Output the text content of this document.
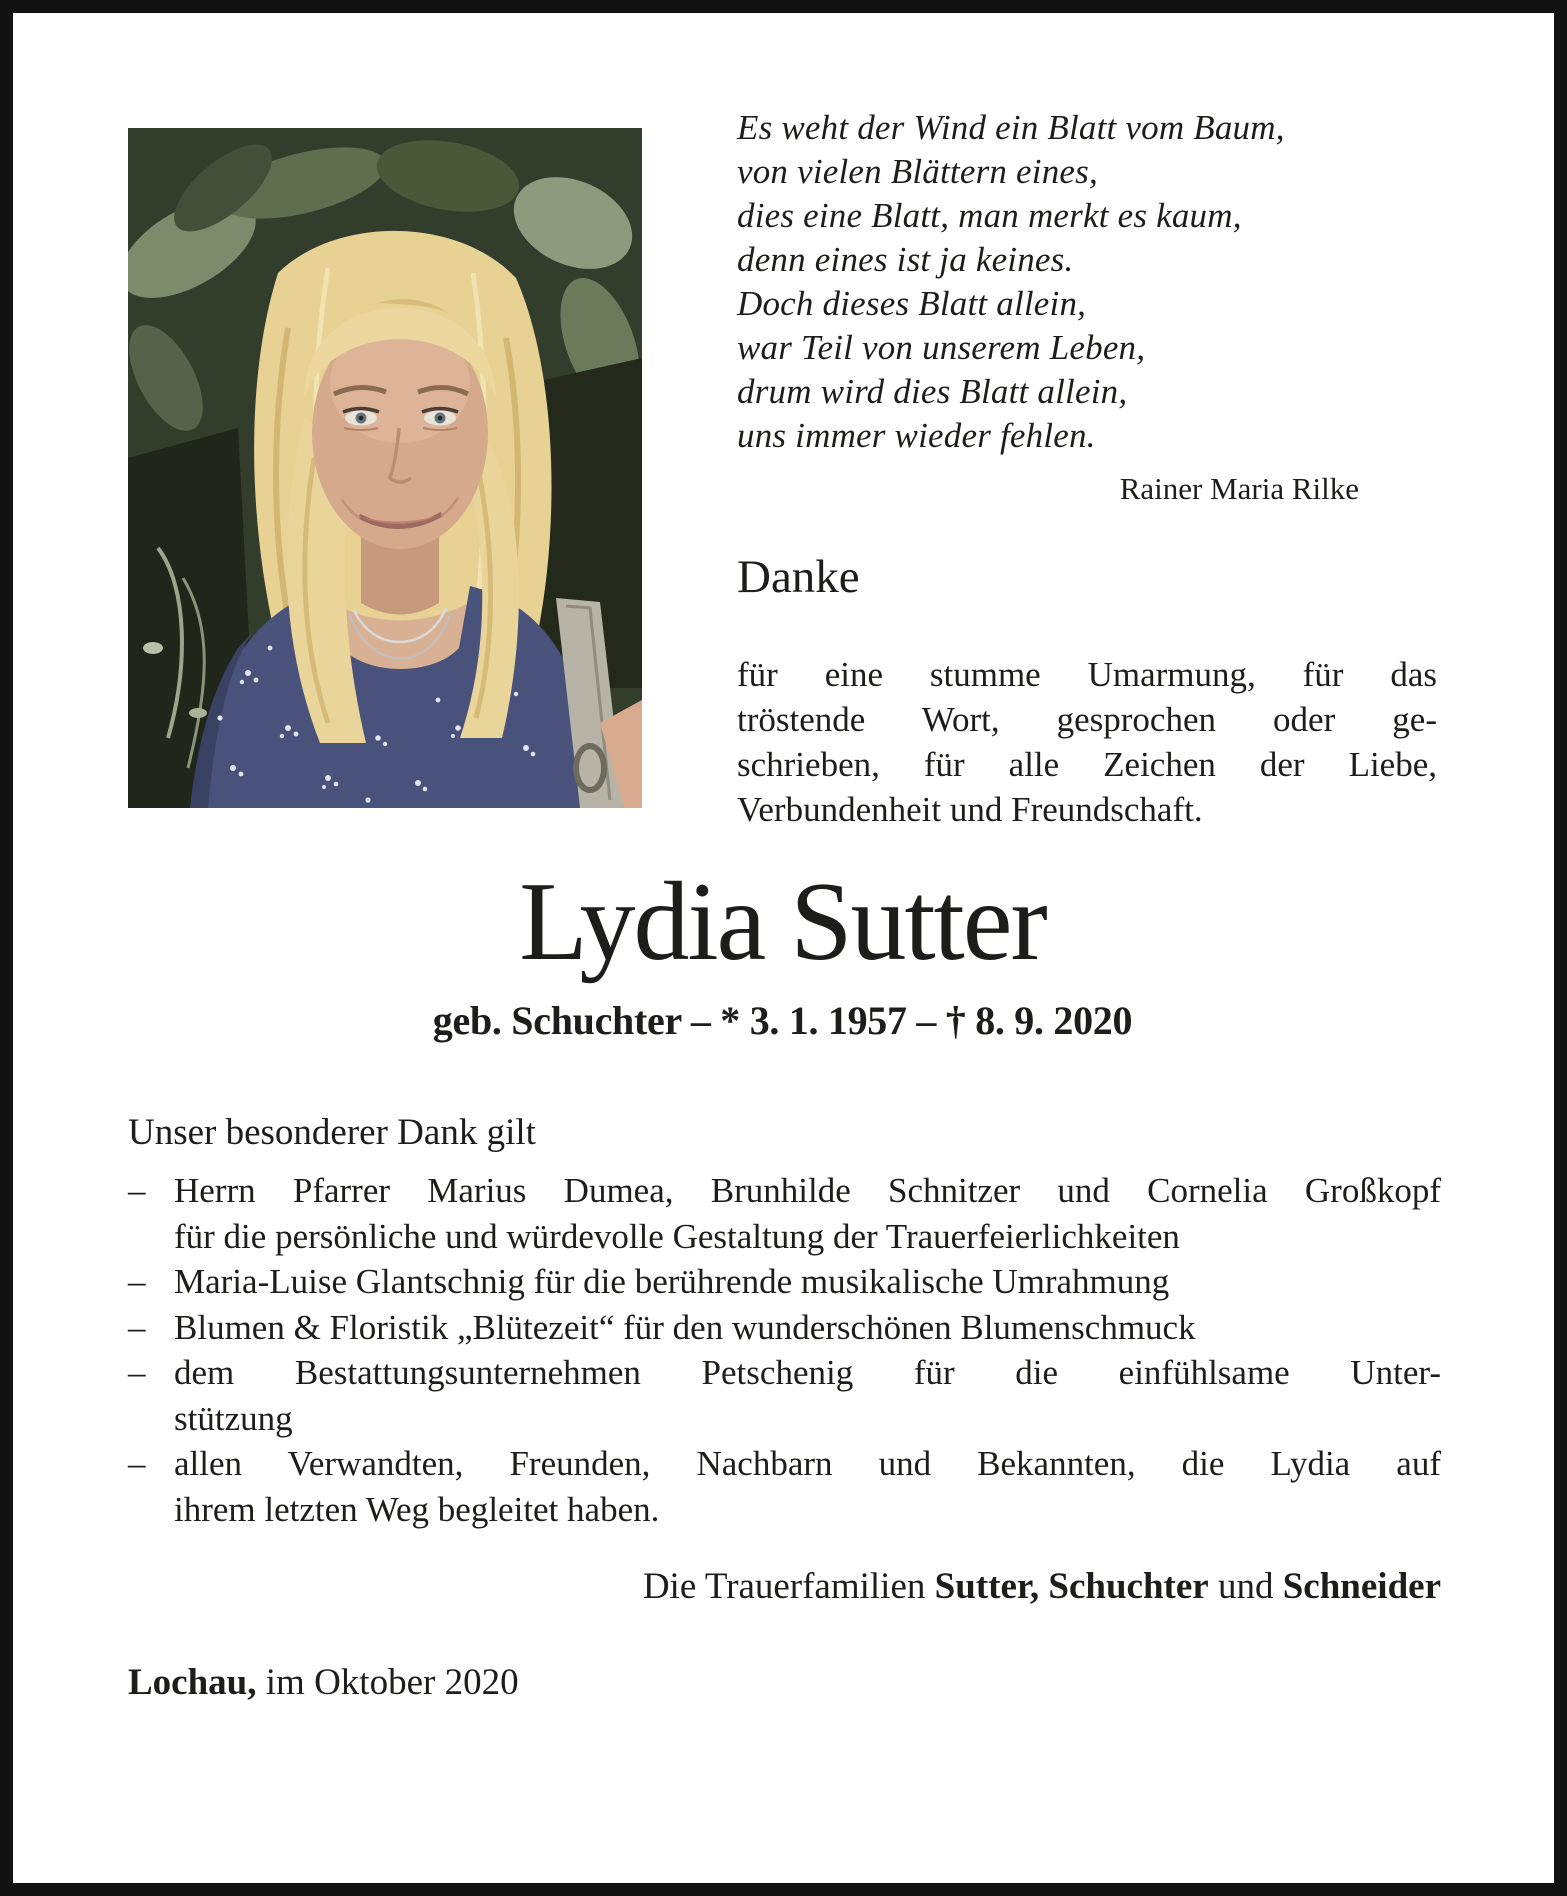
Es weht der Wind ein Blatt vom Baum,
von vielen Blättern eines,
dies eine Blatt, man merkt es kaum,
denn eines ist ja keines.
Doch dieses Blatt allein,
war Teil von unserem Leben,
drum wird dies Blatt allein,
uns immer wieder fehlen.
Rainer Maria Rilke
Danke
für eine stumme Umarmung, für das
tröstende Wort, gesprochen oder ge-
schrieben, für alle Zeichen der Liebe,
Verbundenheit und Freundschaft.
Lydia Sutter
geb. Schuchter – * 3. 1. 1957 – † 8. 9. 2020
Unser besonderer Dank gilt
– Herrn Pfarrer Marius Dumea, Brunhilde Schnitzer und Cornelia Großkopf
für die persönliche und würdevolle Gestaltung der Trauerfeierlichkeiten
– Maria-Luise Glantschnig für die berührende musikalische Umrahmung
– Blumen & Floristik „Blütezeit“ für den wunderschönen Blumenschmuck
– dem Bestattungsunternehmen Petschenig für die einfühlsame Unter-
stützung
– allen Verwandten, Freunden, Nachbarn und Bekannten, die Lydia auf
ihrem letzten Weg begleitet haben.
Die Trauerfamilien Sutter, Schuchter und Schneider
Lochau, im Oktober 2020
